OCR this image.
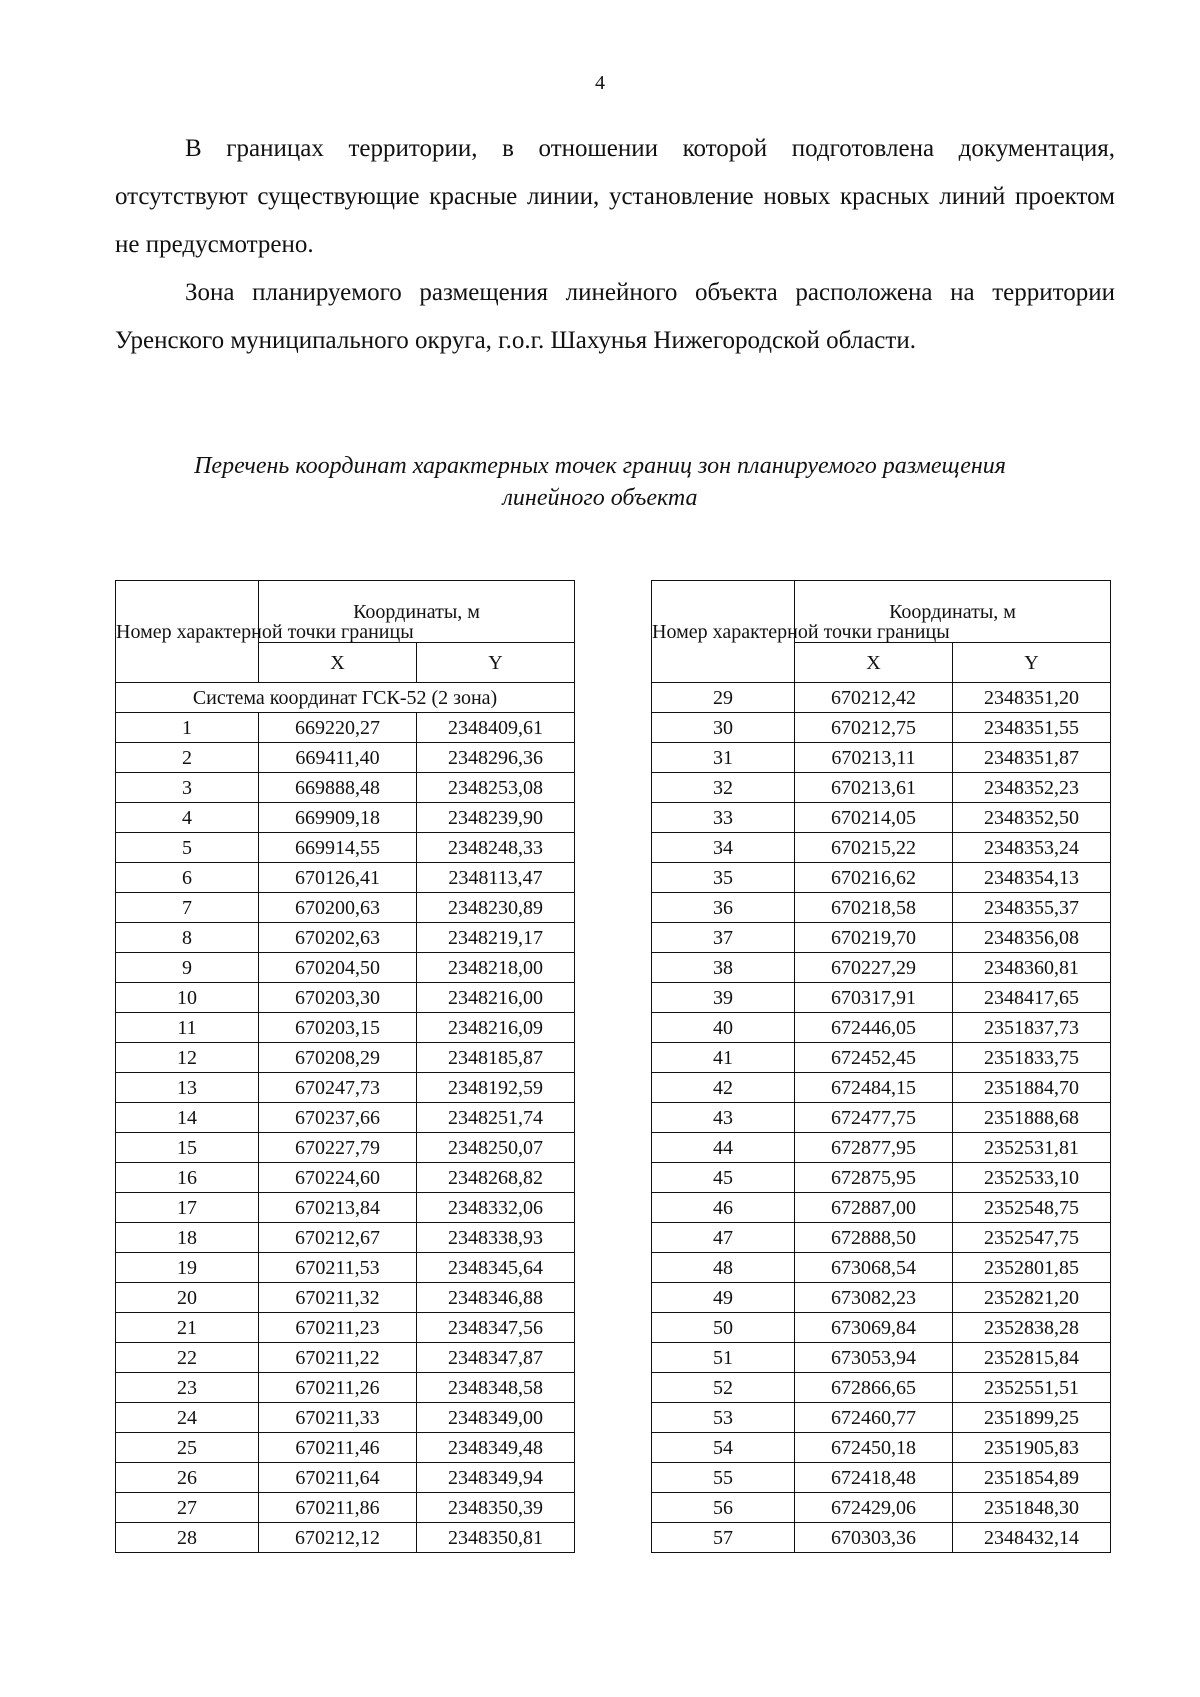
4

В границах территории, в отношении которой подготовлена документация, отсутствуют существующие красные линии, установление новых красных линий проектом не предусмотрено.

Зона планируемого размещения линейного объекта расположена на территории Уренского муниципального округа, г.о.г. Шахунья Нижегородской области.

Перечень координат характерных точек границ зон планируемого размещения
линейного объекта
Номер характерной точки границы	Координаты, м	
	X	Y
Система координат ГСК-52 (2 зона)		
1	669220,27	2348409,61
2	669411,40	2348296,36
3	669888,48	2348253,08
4	669909,18	2348239,90
5	669914,55	2348248,33
6	670126,41	2348113,47
7	670200,63	2348230,89
8	670202,63	2348219,17
9	670204,50	2348218,00
10	670203,30	2348216,00
11	670203,15	2348216,09
12	670208,29	2348185,87
13	670247,73	2348192,59
14	670237,66	2348251,74
15	670227,79	2348250,07
16	670224,60	2348268,82
17	670213,84	2348332,06
18	670212,67	2348338,93
19	670211,53	2348345,64
20	670211,32	2348346,88
21	670211,23	2348347,56
22	670211,22	2348347,87
23	670211,26	2348348,58
24	670211,33	2348349,00
25	670211,46	2348349,48
26	670211,64	2348349,94
27	670211,86	2348350,39
28	670212,12	2348350,81
Номер характерной точки границы	Координаты, м	
	X	Y
29	670212,42	2348351,20
30	670212,75	2348351,55
31	670213,11	2348351,87
32	670213,61	2348352,23
33	670214,05	2348352,50
34	670215,22	2348353,24
35	670216,62	2348354,13
36	670218,58	2348355,37
37	670219,70	2348356,08
38	670227,29	2348360,81
39	670317,91	2348417,65
40	672446,05	2351837,73
41	672452,45	2351833,75
42	672484,15	2351884,70
43	672477,75	2351888,68
44	672877,95	2352531,81
45	672875,95	2352533,10
46	672887,00	2352548,75
47	672888,50	2352547,75
48	673068,54	2352801,85
49	673082,23	2352821,20
50	673069,84	2352838,28
51	673053,94	2352815,84
52	672866,65	2352551,51
53	672460,77	2351899,25
54	672450,18	2351905,83
55	672418,48	2351854,89
56	672429,06	2351848,30
57	670303,36	2348432,14
